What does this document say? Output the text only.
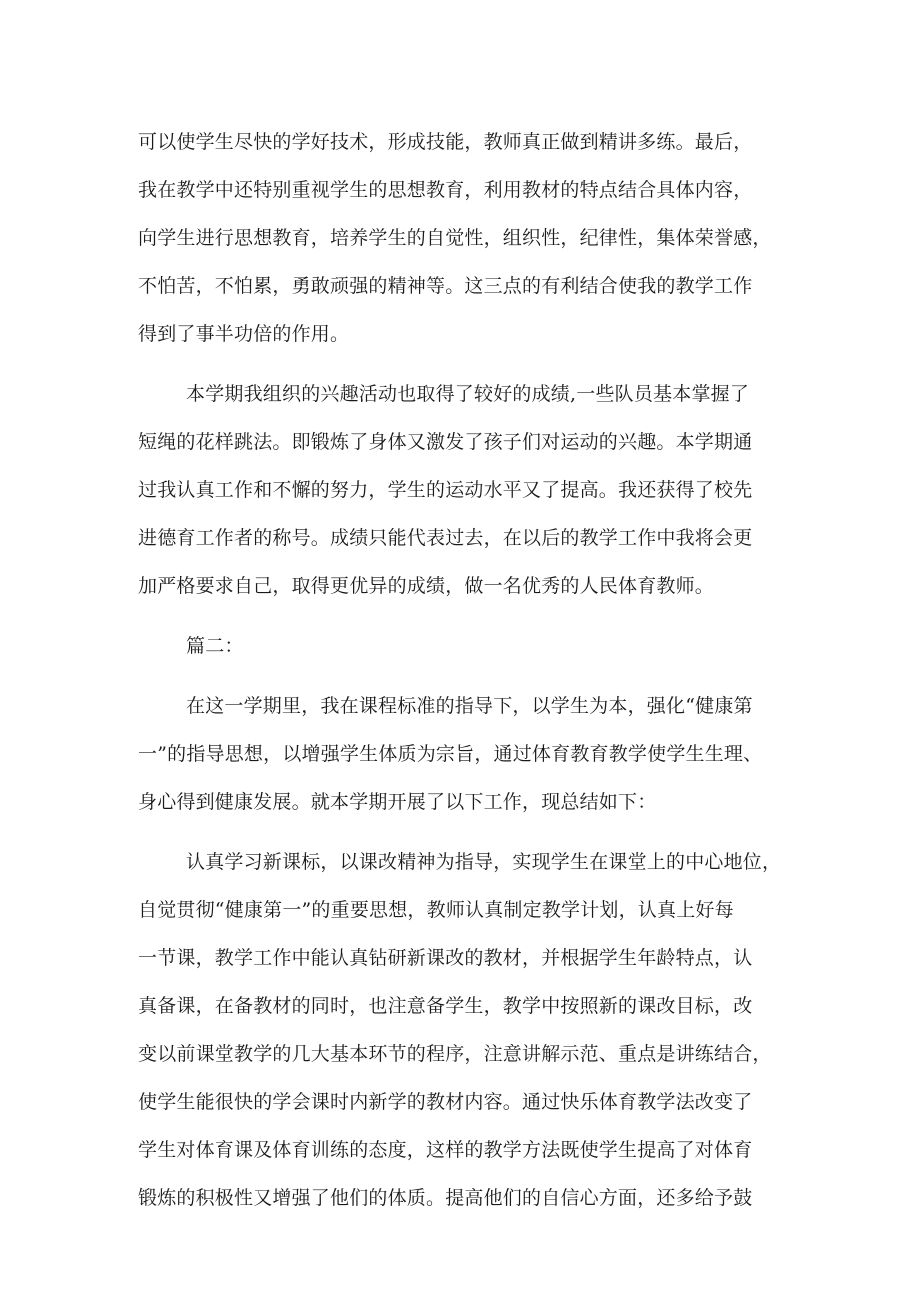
可以使学生尽快的学好技术，形成技能，教师真正做到精讲多练。最后，
我在教学中还特别重视学生的思想教育，利用教材的特点结合具体内容，
向学生进行思想教育，培养学生的自觉性，组织性，纪律性，集体荣誉感，
不怕苦，不怕累，勇敢顽强的精神等。这三点的有利结合使我的教学工作
得到了事半功倍的作用。
本学期我组织的兴趣活动也取得了较好的成绩,一些队员基本掌握了
短绳的花样跳法。即锻炼了身体又激发了孩子们对运动的兴趣。本学期通
过我认真工作和不懈的努力，学生的运动水平又了提高。我还获得了校先
进德育工作者的称号。成绩只能代表过去，在以后的教学工作中我将会更
加严格要求自己，取得更优异的成绩，做一名优秀的人民体育教师。
篇二：
在这一学期里，我在课程标准的指导下，以学生为本，强化“健康第
一”的指导思想，以增强学生体质为宗旨，通过体育教育教学使学生生理、
身心得到健康发展。就本学期开展了以下工作，现总结如下：
认真学习新课标，以课改精神为指导，实现学生在课堂上的中心地位，
自觉贯彻“健康第一”的重要思想，教师认真制定教学计划，认真上好每
一节课，教学工作中能认真钻研新课改的教材，并根据学生年龄特点，认
真备课，在备教材的同时，也注意备学生，教学中按照新的课改目标，改
变以前课堂教学的几大基本环节的程序，注意讲解示范、重点是讲练结合，
使学生能很快的学会课时内新学的教材内容。通过快乐体育教学法改变了
学生对体育课及体育训练的态度，这样的教学方法既使学生提高了对体育
锻炼的积极性又增强了他们的体质。提高他们的自信心方面，还多给予鼓
